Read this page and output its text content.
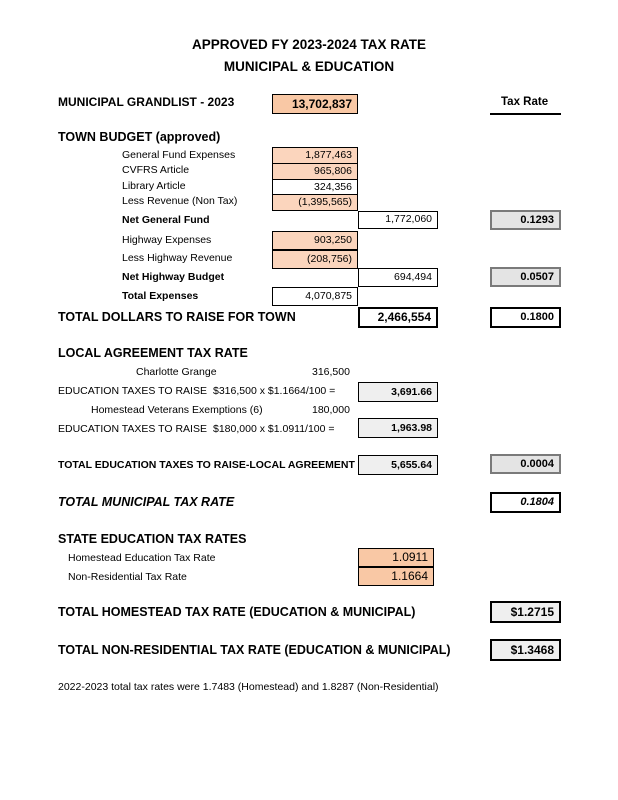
APPROVED FY 2023-2024 TAX RATE
MUNICIPAL & EDUCATION
MUNICIPAL GRANDLIST - 2023	13,702,837	Tax Rate
TOWN BUDGET (approved)
General Fund Expenses	1,877,463
CVFRS Article	965,806
Library Article	324,356
Less Revenue (Non Tax)	(1,395,565)
Net General Fund	1,772,060	0.1293
Highway Expenses	903,250
Less Highway Revenue	(208,756)
Net Highway Budget	694,494	0.0507
Total Expenses	4,070,875
TOTAL DOLLARS TO RAISE FOR TOWN	2,466,554	0.1800
LOCAL AGREEMENT TAX RATE
Charlotte Grange	316,500
EDUCATION TAXES TO RAISE $316,500 x $1.1664/100 =	3,691.66
Homestead Veterans Exemptions (6)	180,000
EDUCATION TAXES TO RAISE $180,000 x $1.0911/100 =	1,963.98
TOTAL EDUCATION TAXES TO RAISE-LOCAL AGREEMENT	5,655.64	0.0004
TOTAL MUNICIPAL TAX RATE	0.1804
STATE EDUCATION TAX RATES
Homestead Education Tax Rate	1.0911
Non-Residential Tax Rate	1.1664
TOTAL HOMESTEAD TAX RATE (EDUCATION & MUNICIPAL)	$1.2715
TOTAL NON-RESIDENTIAL TAX RATE (EDUCATION & MUNICIPAL)	$1.3468
2022-2023 total tax rates were 1.7483 (Homestead) and 1.8287 (Non-Residential)
